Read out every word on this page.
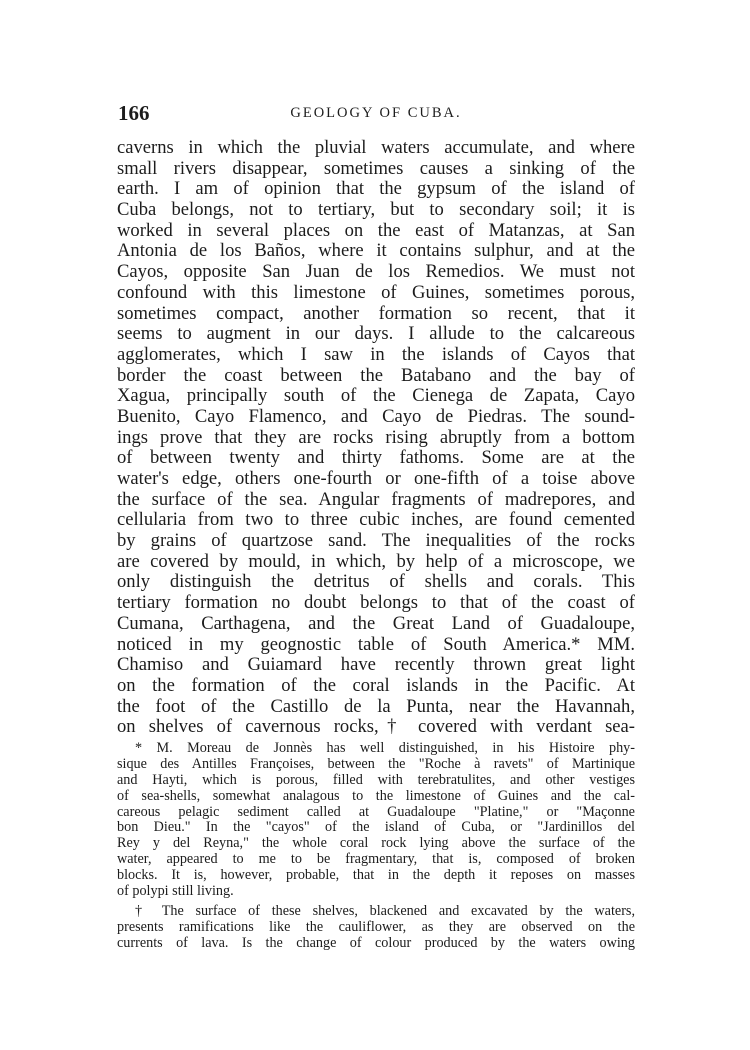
166	GEOLOGY OF CUBA.
caverns in which the pluvial waters accumulate, and where
small rivers disappear, sometimes causes a sinking of the
earth. I am of opinion that the gypsum of the island of
Cuba belongs, not to tertiary, but to secondary soil; it is
worked in several places on the east of Matanzas, at San
Antonia de los Baños, where it contains sulphur, and at the
Cayos, opposite San Juan de los Remedios. We must not
confound with this limestone of Guines, sometimes porous,
sometimes compact, another formation so recent, that it
seems to augment in our days. I allude to the calcareous
agglomerates, which I saw in the islands of Cayos that
border the coast between the Batabano and the bay of
Xagua, principally south of the Cienega de Zapata, Cayo
Buenito, Cayo Flamenco, and Cayo de Piedras. The sound-
ings prove that they are rocks rising abruptly from a bottom
of between twenty and thirty fathoms. Some are at the
water's edge, others one-fourth or one-fifth of a toise above
the surface of the sea. Angular fragments of madrepores, and
cellularia from two to three cubic inches, are found cemented
by grains of quartzose sand. The inequalities of the rocks
are covered by mould, in which, by help of a microscope, we
only distinguish the detritus of shells and corals. This
tertiary formation no doubt belongs to that of the coast of
Cumana, Carthagena, and the Great Land of Guadaloupe,
noticed in my geognostic table of South America.* MM.
Chamiso and Guiamard have recently thrown great light
on the formation of the coral islands in the Pacific. At
the foot of the Castillo de la Punta, near the Havannah,
on shelves of cavernous rocks,† covered with verdant sea-
* M. Moreau de Jonnès has well distinguished, in his Histoire phy-
sique des Antilles Françoises, between the "Roche à ravets" of Martinique
and Hayti, which is porous, filled with terebratulites, and other vestiges
of sea-shells, somewhat analagous to the limestone of Guines and the cal-
careous pelagic sediment called at Guadaloupe "Platine," or "Maçonne
bon Dieu." In the "cayos" of the island of Cuba, or "Jardinillos del
Rey y del Reyna," the whole coral rock lying above the surface of the
water, appeared to me to be fragmentary, that is, composed of broken
blocks. It is, however, probable, that in the depth it reposes on masses
of polypi still living.
† The surface of these shelves, blackened and excavated by the waters,
presents ramifications like the cauliflower, as they are observed on the
currents of lava. Is the change of colour produced by the waters owing
